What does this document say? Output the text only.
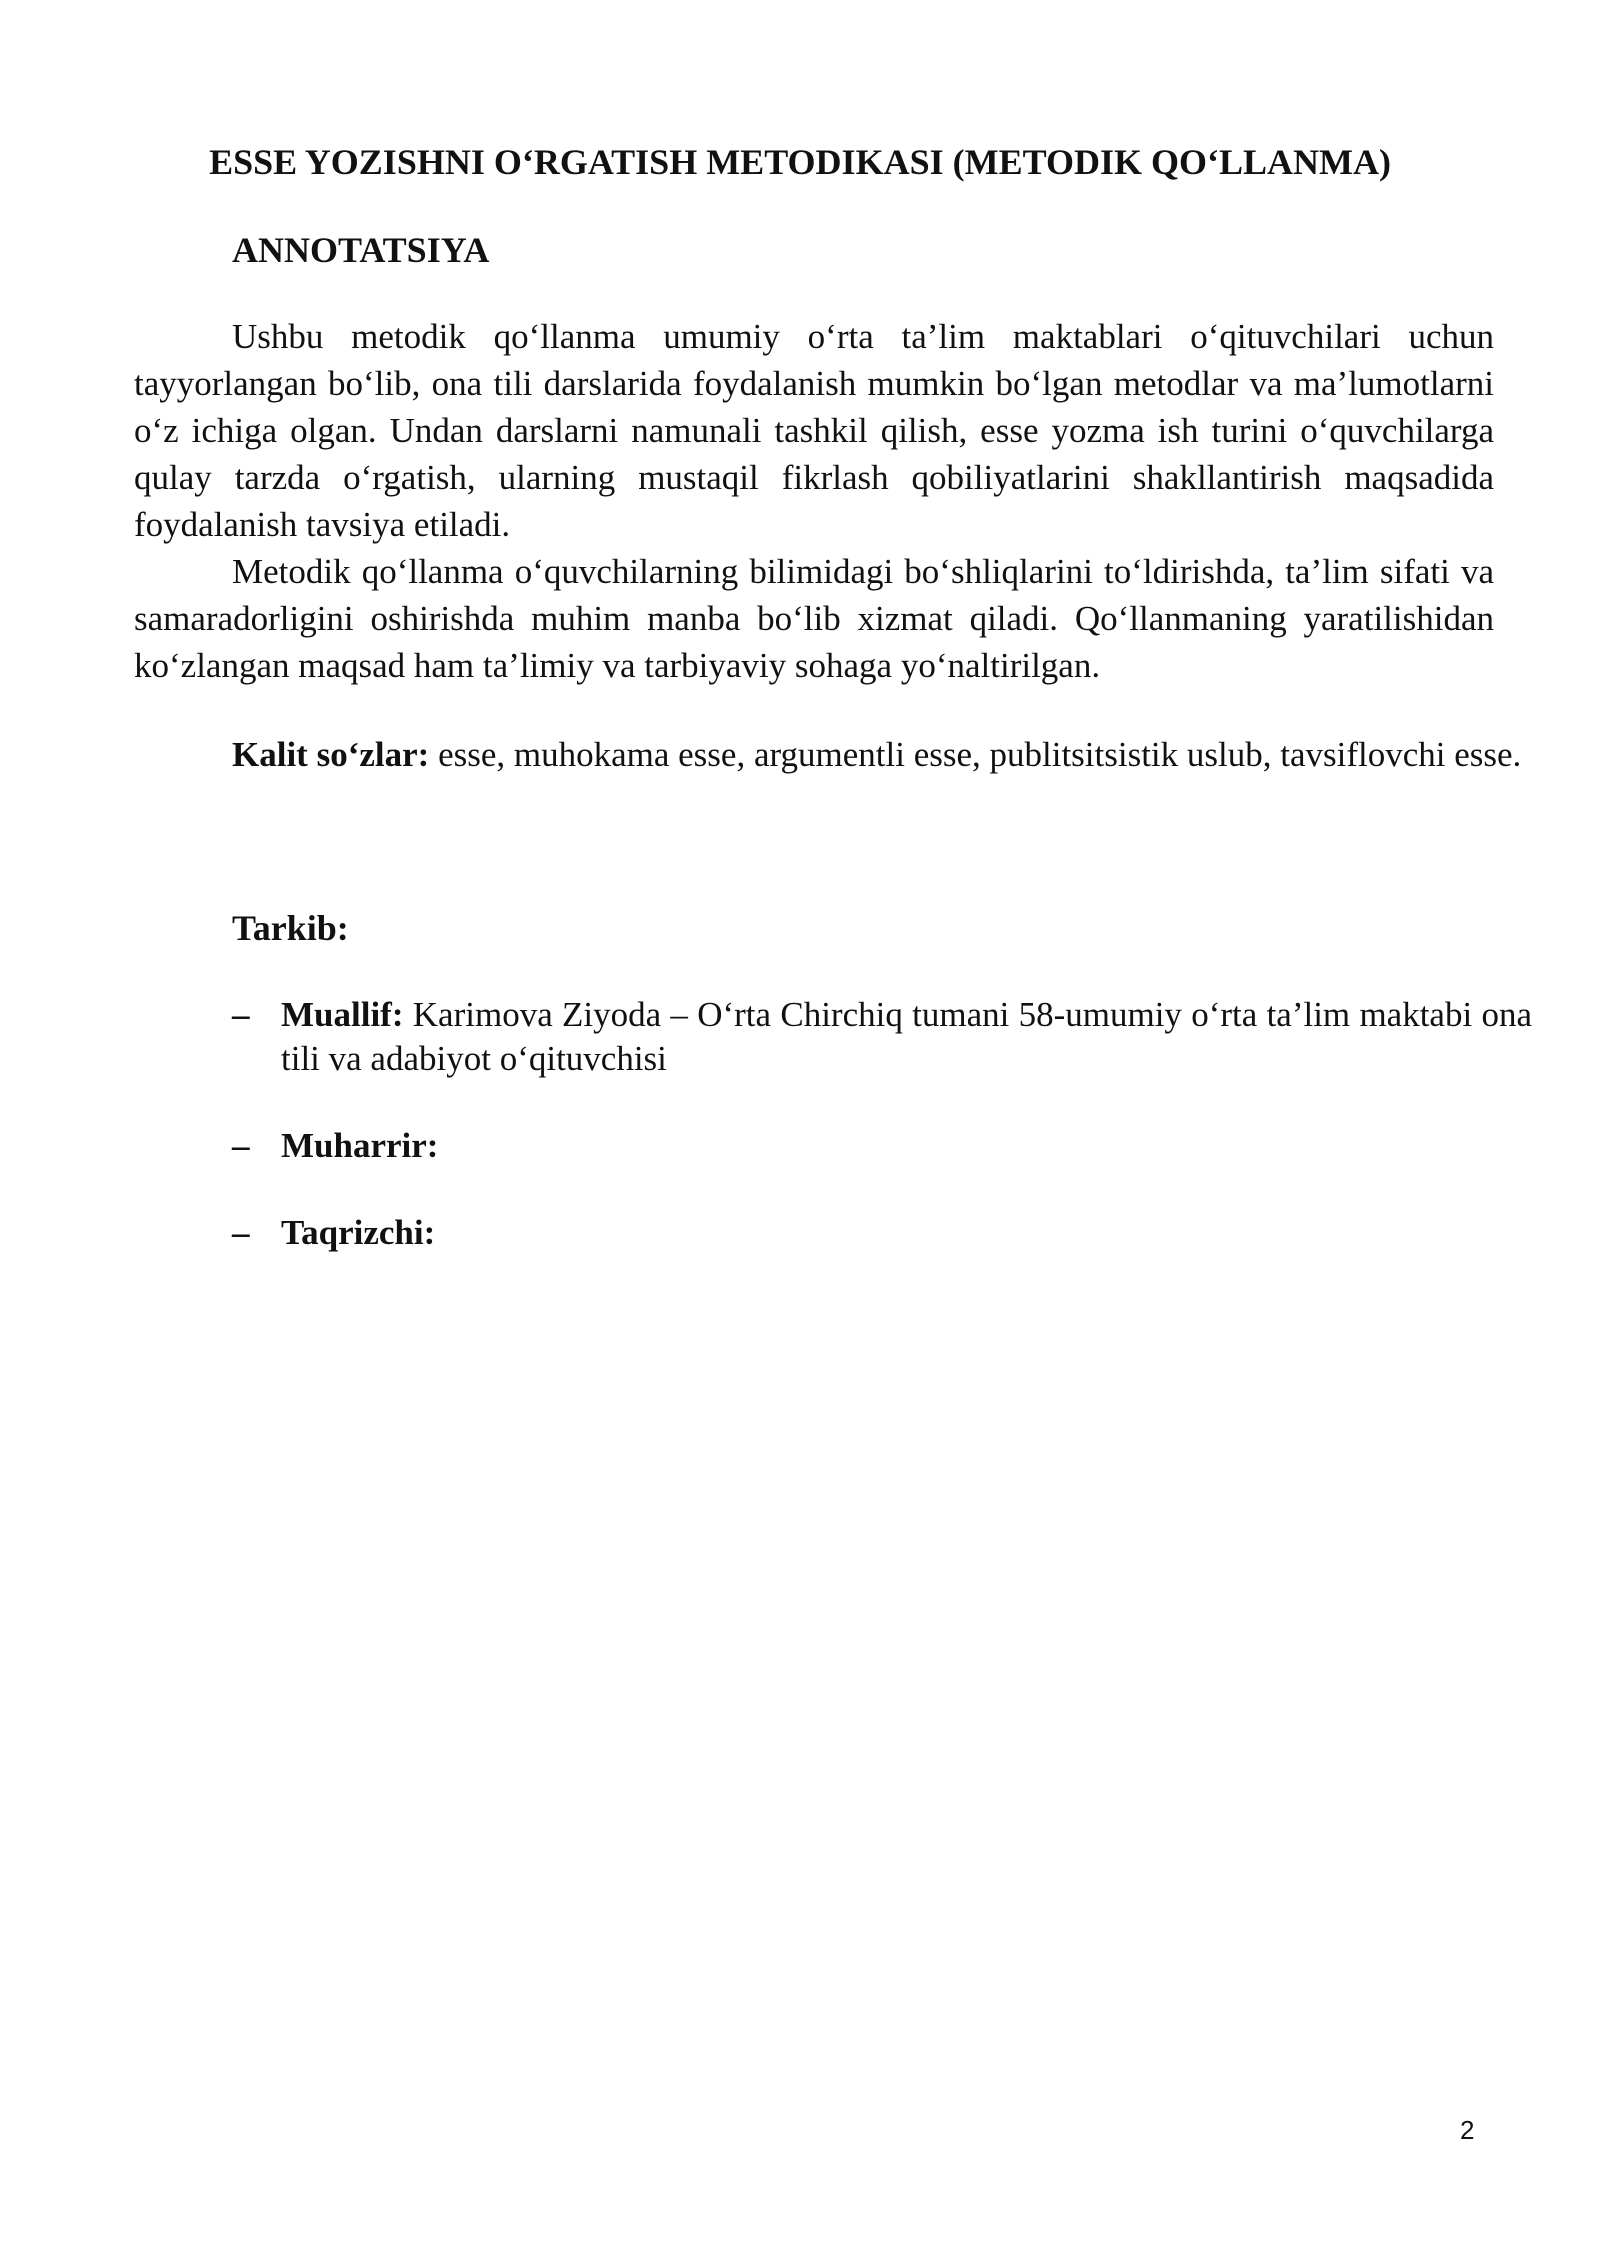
ESSE YOZISHNI O‘RGATISH METODIKASI (METODIK QO‘LLANMA)
ANNOTATSIYA

Ushbu metodik qo‘llanma umumiy o‘rta ta’lim maktablari o‘qituvchilari uchun tayyorlangan bo‘lib, ona tili darslarida foydalanish mumkin bo‘lgan metodlar va ma’lumotlarni o‘z ichiga olgan. Undan darslarni namunali tashkil qilish, esse yozma ish turini o‘quvchilarga qulay tarzda o‘rgatish, ularning mustaqil fikrlash qobiliyatlarini shakllantirish maqsadida foydalanish tavsiya etiladi.

Metodik qo‘llanma o‘quvchilarning bilimidagi bo‘shliqlarini to‘ldirishda, ta’lim sifati va samaradorligini oshirishda muhim manba bo‘lib xizmat qiladi. Qo‘llanmaning yaratilishidan ko‘zlangan maqsad ham ta’limiy va tarbiyaviy sohaga yo‘naltirilgan.

Kalit so‘zlar: esse, muhokama esse, argumentli esse, publitsitsistik uslub, tavsiflovchi esse.

Tarkib:
– Muallif: Karimova Ziyoda – O‘rta Chirchiq tumani 58-umumiy o‘rta ta’lim maktabi ona tili va adabiyot o‘qituvchisi
– Muharrir:
– Taqrizchi:
2
